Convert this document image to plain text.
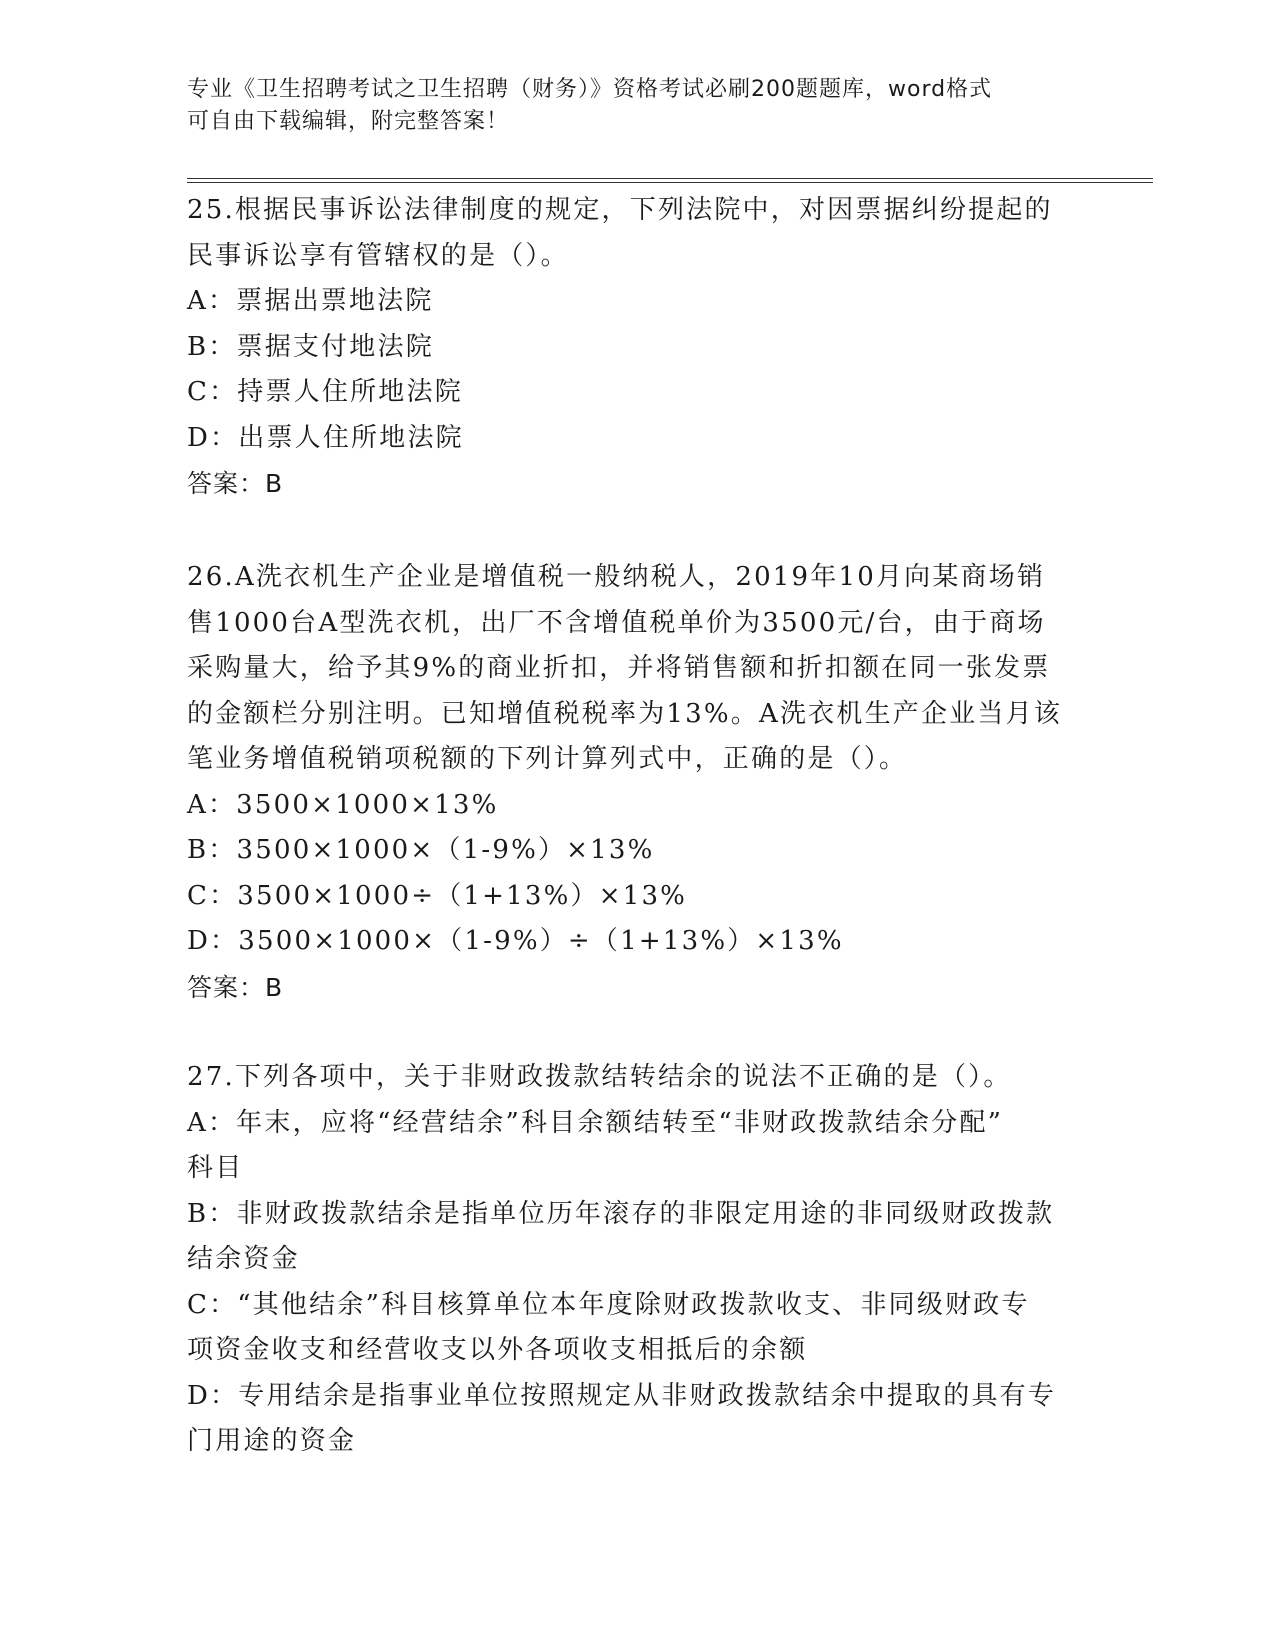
专业《卫生招聘考试之卫生招聘（财务）》资格考试必刷200题题库，word格式
可自由下载编辑，附完整答案！
25.根据民事诉讼法律制度的规定，下列法院中，对因票据纠纷提起的
民事诉讼享有管辖权的是（）。
A：票据出票地法院
B：票据支付地法院
C：持票人住所地法院
D：出票人住所地法院
答案：B
26.A洗衣机生产企业是增值税一般纳税人，2019年10月向某商场销
售1000台A型洗衣机，出厂不含增值税单价为3500元/台，由于商场
采购量大，给予其9%的商业折扣，并将销售额和折扣额在同一张发票
的金额栏分别注明。已知增值税税率为13%。A洗衣机生产企业当月该
笔业务增值税销项税额的下列计算列式中，正确的是（）。
A：3500×1000×13%
B：3500×1000×（1-9%）×13%
C：3500×1000÷（1+13%）×13%
D：3500×1000×（1-9%）÷（1+13%）×13%
答案：B
27.下列各项中，关于非财政拨款结转结余的说法不正确的是（）。
A：年末，应将“经营结余”科目余额结转至“非财政拨款结余分配”
科目
B：非财政拨款结余是指单位历年滚存的非限定用途的非同级财政拨款
结余资金
C：“其他结余”科目核算单位本年度除财政拨款收支、非同级财政专
项资金收支和经营收支以外各项收支相抵后的余额
D：专用结余是指事业单位按照规定从非财政拨款结余中提取的具有专
门用途的资金
